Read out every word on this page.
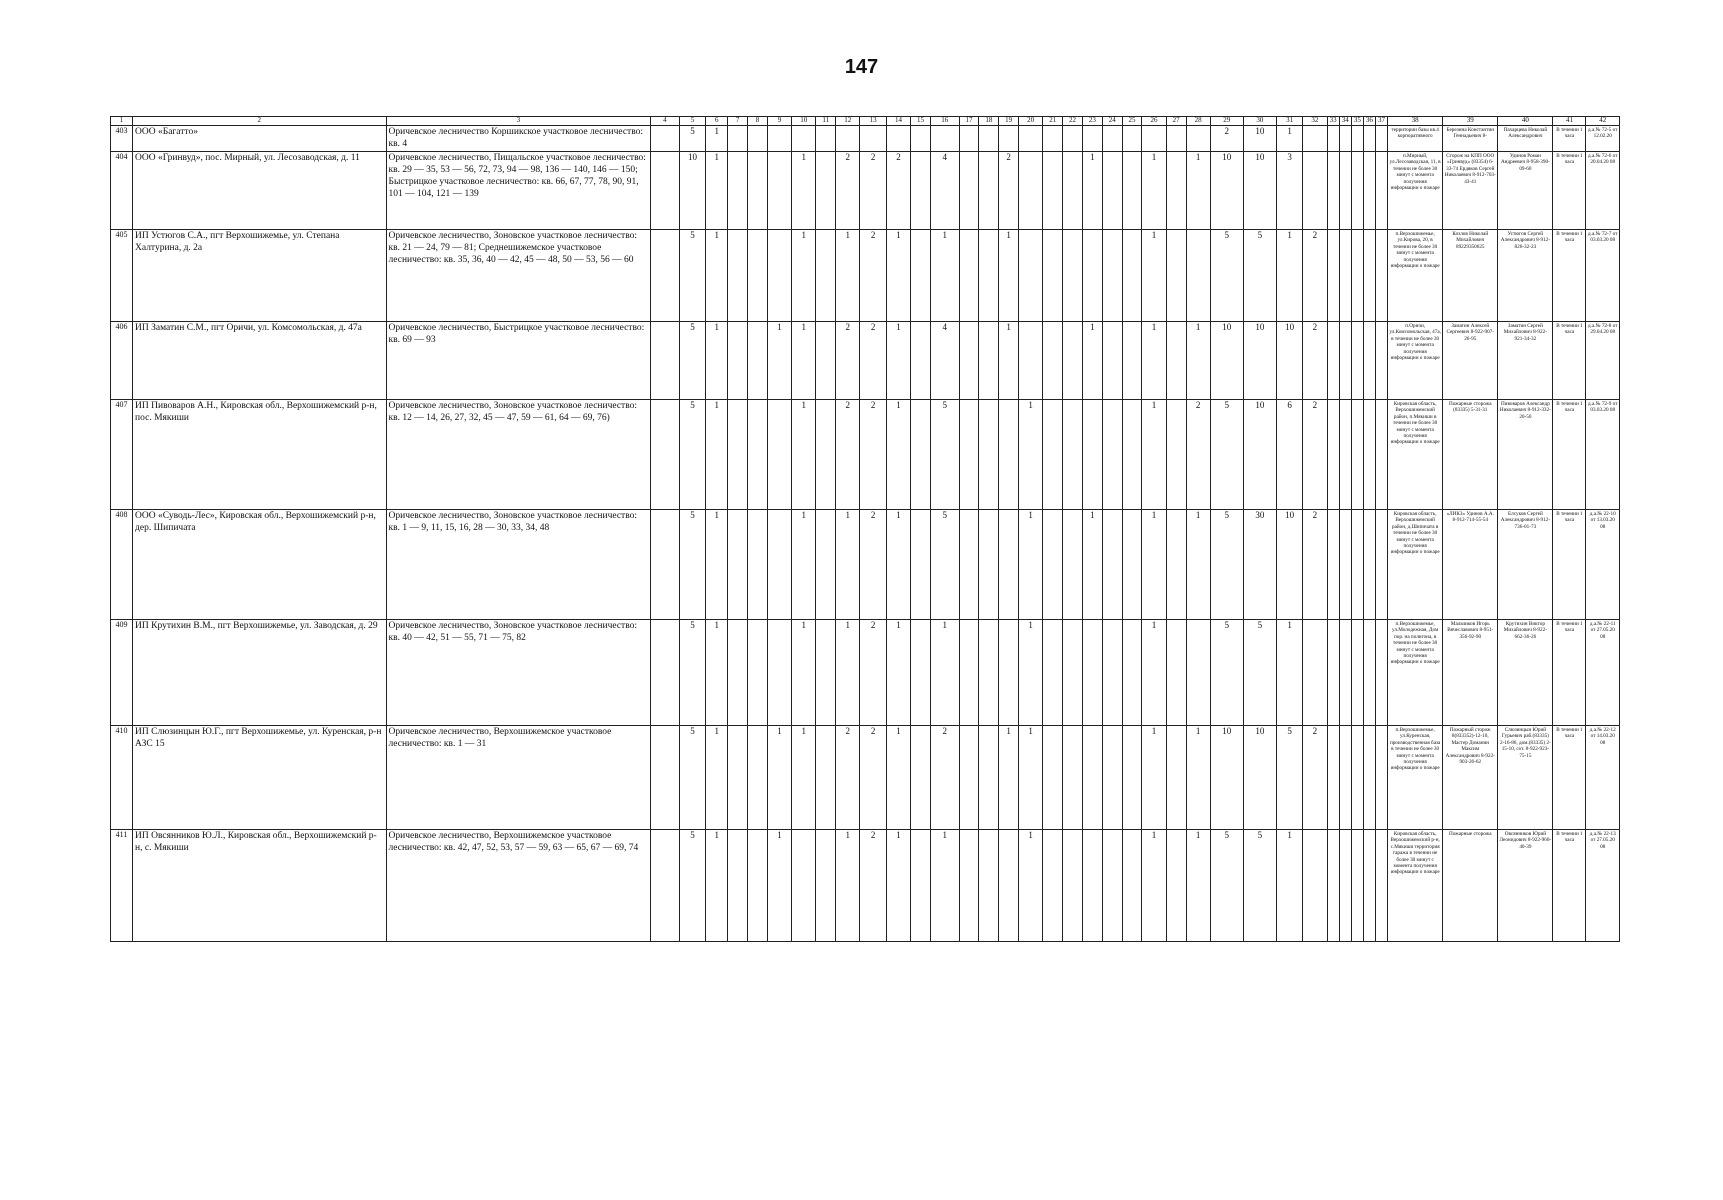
147
1	2	3	4	5	6	7	8	9	10	11	12	13	14	15	16	17	18	19	20	21	22	23	24	25	26	27	28	29	30	31	32	33	34	35	36	37	38	39	40	41	42
403	ООО «Багатто»	Оричевское лесничество Коршикское участковое лесничество: кв. 4		5	1																							2	10	1							территории базы кв.4 корпоративного	Березина Константин Геннадьевич 8-	Пахарцева Николай Александрович	В течении 1 часа	д.а.№ 72-5 от 12.02.20
404	ООО «Гринвуд», пос. Мирный, ул. Лесозаводская, д. 11	Оричевское лесничество, Пищальское участковое лесничество: кв. 29 — 35, 53 — 56, 72, 73, 94 — 98, 136 — 140, 146 — 150; Быстрицкое участковое лесничество: кв. 66, 67, 77, 78, 90, 91, 101 — 104, 121 — 139		10	1				1		2	2	2		4			2				1			1		1	10	10	3							п.Мирный, ул.Лесозаводская, 11, в течении не более 30 минут с момента получения информации о пожаре	Сторож на КПП ООО «Гринвуд» (83354) 6-33-74 Ердяков Сергей Николаевич 8-912-703-43-41	Удинов Роман Андреевич 8-958-390-09-60	В течении 1 часа	д.а.№ 72-6 от 20.04.20 08
405	ИП Устюгов С.А., пгт Верхошижемье, ул. Степана Халтурина, д. 2а	Оричевское лесничество, Зоновское участковое лесничество: кв. 21 — 24, 79 — 81; Среднешижемское участковое лесничество: кв. 35, 36, 40 — 42, 45 — 48, 50 — 53, 56 — 60		5	1				1		1	2	1		1			1							1			5	5	1	2						п.Верхошижемье, ул.Кирова, 20, в течении не более 30 минут с момента получения информации о пожаре	Козлов Николай Михайлович 89229350625	Устюгов Сергей Александрович 8-912-826-32-23	В течении 1 часа	д.а.№ 72-7 от 03.03.20 08
406	ИП Заматин С.М., пгт Оричи, ул. Комсомольская, д. 47а	Оричевское лесничество, Быстрицкое участковое лесничество: кв. 69 — 93		5	1			1	1		2	2	1		4			1				1			1		1	10	10	10	2						п.Оричи, ул.Комсомольская, 47а, в течении не более 30 минут с момента получения информации о пожаре	Заматин Алексей Сергеевич 8-922-907-26-95	Заматин Сергей Михайлович 8-922-921-34-32	В течении 1 часа	д.а.№ 72-8 от 29.04.20 08
407	ИП Пивоваров А.Н., Кировская обл., Верхошижемский р-н, пос. Мякиши	Оричевское лесничество, Зоновское участковое лесничество: кв. 12 — 14, 26, 27, 32, 45 — 47, 59 — 61, 64 — 69, 76)		5	1				1		2	2	1		5				1						1		2	5	10	6	2						Кировская область, Верхошижемский район, п.Мякиши в течении не более 30 минут с момента получения информации о пожаре	Пожарные сторожа (83335) 5-31-31	Пивоваров Александр Николаевич 8-912-332-20-50	В течении 1 часа	д.а.№ 72-9 от 03.03.20 08
408	ООО «Суводь-Лес», Кировская обл., Верхошижемский р-н, дер. Шипичата	Оричевское лесничество, Зоновское участковое лесничество: кв. 1 — 9, 11, 15, 16, 28 — 30, 33, 34, 48		5	1				1		1	2	1		5				1			1			1		1	5	30	10	2						Кировская область, Верхошижемский район, д.Шипичата в течении не более 30 минут с момента получения информации о пожаре	«ЛИКЗ» Удинов А.А. 8-912-714-55-54	Елсуков Сергей Александрович 8-912-736-01-73	В течении 1 часа	д.а.№ 22-10 от 13.03.20 08
409	ИП Крутихин В.М., пгт Верхошижемье, ул. Заводская, д. 29	Оричевское лесничество, Зоновское участковое лесничество: кв. 40 — 42, 51 — 55, 71 — 75, 82		5	1				1		1	2	1		1				1						1			5	5	1							п.Верхошижемье, ул.Молодежная, Дом пор. на полигона, в течении не более 30 минут с момента получения информации о пожаре	Мальчиков Игорь Вячеславович 8-951-356-92-90	Крутихин Виктор Михайлович 8-922-662-36-26	В течении 1 часа	д.а.№ 22-11 от 27.05.20 08
410	ИП Слюзинцын Ю.Г., пгт Верхошижемье, ул. Куренская, р-н АЗС 15	Оричевское лесничество, Верхошижемское участковое лесничество: кв. 1 — 31		5	1			1	1		2	2	1		2			1	1						1		1	10	10	5	2						п.Верхошижемье, ул.Куренская, производственная база в течении не более 30 минут с момента получения информации о пожаре	Пожарный сторож 8(833352)-12-10, Мастер Доманин Максим Александрович 8-922-903-26-62	Слюзинцын Юрий Гурьевич раб.(83335) 2-16-86, дом.(83335) 2-15-10, сот. 8-922-923-75-15	В течении 1 часа	д.а.№ 22-12 от 14.03.20 08
411	ИП Овсянников Ю.Л., Кировская обл., Верхошижемский р-н, с. Мякиши	Оричевское лесничество, Верхошижемское участковое лесничество: кв. 42, 47, 52, 53, 57 — 59, 63 — 65, 67 — 69, 74		5	1			1			1	2	1		1				1						1		1	5	5	1							Кировская область, Верхошижемский р-н, с.Мякиши территория гаража в течении не более 30 минут с момента получения информации о пожаре	Пожарные сторожа	Овсянников Юрий Леонидович 8-922-960-40-39	В течении 1 часа	д.а.№ 22-13 от 27.05.20 08
